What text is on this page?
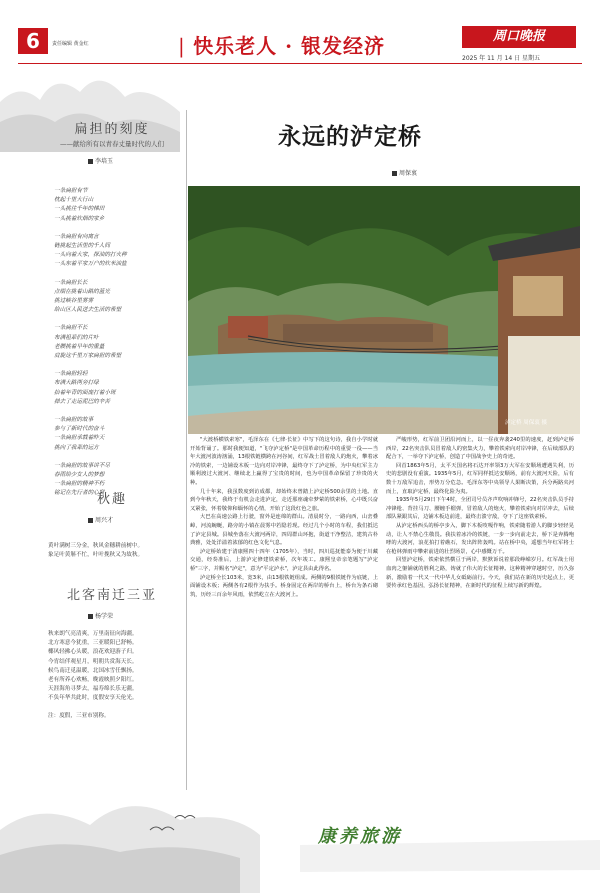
6	责任编辑 黄金红	| 快乐老人 · 银发经济	周口晚报
2025 年 11 月 14 日 星期五
扁担的刻度
——献给所有以青春丈量时代的人们
李培玉
一条扁担有节
枕起十里大行山
一头挑往千年的梯田
一头挑着炊烟的家乡
一条扁担有向寓言
链挑起生活里的千人间
一头向着大家，探油的打火种
一头东着平家万户的炊米油盐
一条扁担长长
点缀在挑着山路的蓝光
挑过峡谷里雾雾
给山区人民送去生活的希望
一条扁担不长
布满祖辈们的片叶
老腰挑着早年的重量
肩旋这千里万家扁担的希望
一条扁担轻轻
布满大路两旁打绿
抬着年青的面庞打着小斑
掸去了走运泥巴的辛苦
一条扁担的故事
参与了新时代的奋斗
一条扁担承载着昨天
挑向了我辈的远方
一条扁担的故事讲不尽
春雨给少女人的梦想
一条扁担的精神不朽
铭记在先行者的心窝
秋趣
周兴才
黄叶满树三分金，秋风金穗耕前树中。
象足叶黄斛不忙，叶叶挽秋又为故秋。
北客南迁三亚
杨学荣
秋来朗气亮清爽，万里南征向海疆。
北方寒意今犹重，三亚暖阳已舒畅。
椰风轻拂心头暖，浪花欢迎游子归。
今宵结伴观星月，明朝共赏海天长。
候鸟南迁觅温暖，北国冰雪任飘扬。
老有所养心欢畅，晚霞映照夕阳红。
天涯海角寻梦去，福寿绵长乐无疆。
不负年华共此时，度假安享天伦光。
注：度假，三亚市别称。
永远的泸定桥
周保衷
泸定桥 周保衷 摄

"大渡桥横铁索寒"，毛泽东在《七律·长征》中写下的这句诗，我自小学时就开始背诵了。那时我便知道，"飞夺泸定桥"是中国革命历程中的重要一役——当年大渡河波涛汹涌，13根铁链横跨在河谷间，红军战士冒着敌人的炮火，攀着冰冷的铁索，一边铺设木板一边向对岸冲锋，最终夺下了泸定桥，为中央红军主力顺利渡过大渡河、继续北上赢得了宝贵的时间，也为中国革命保留了珍贵的火种。

几十年来，我虽数度到访成都，却始终未曾踏上泸定桥500余里的土地。直到今年秋天，我终于有机会走进泸定，走近那座魂牵梦萦的铁索桥，心中既兴奋又紧张，怀着敬仰和缅怀的心情，开始了这段红色之旅。

大巴在高速公路上行驶，窗外是连绵的群山。清晨时分，一路向西，山峦叠嶂，河流蜿蜒，路旁的小镇在晨雾中若隐若现。经过几个小时的车程，我们抵达了泸定县城。县城坐落在大渡河两岸，四周群山环抱，街道干净整洁，建筑古朴典雅，处处洋溢着浓郁的红色文化气息。

泸定桥始建于清康熙四十四年（1705年），当时，四川巡抚能泰为便于川藏交通，经奏准后，上游泸定修建铁索桥，次年竣工。康熙皇帝亲笔题写"泸定桥"三字，并赐名"泸定"，意为"平定泸水"，泸定县由此得名。

泸定桥全长103米，宽3米，由13根铁链组成。两侧的9根铁链作为底链，上面铺设木板；两侧各有2根作为扶手。桥身固定在两岸的桥台上，桥台为条石砌筑，历经三百余年风雨，依然屹立在大渡河上。

严峻形势，红军前卫团沿河而上，以一昼夜奔袭240里的速度，赶到泸定桥西岸，22名突击队员冒着敌人的密集火力，攀着铁索向对岸冲锋，在后续部队的配合下，一举夺下泸定桥，创造了中国战争史上的奇迹。

回首1863年5月，太平天国名将石达开率领3万大军在安顺场遭遇失利，历史的悲剧没有重演。1935年5月，红军同样抵达安顺场，前有大渡河天险，后有数十万敌军追击，形势万分危急。毛泽东等中央领导人果断决策，兵分两路夹河而上，直取泸定桥，最终化险为夷。

1935年5月29日下午4时，全团司号员齐声吹响冲锋号，22名突击队员手持冲锋枪、背挂马刀、腰缠手榴弹，冒着敌人的炮火，攀着铁索向对岸冲去，后续部队紧跟其后，边铺木板边前进，最终击溃守敌，夺下了这座铁索桥。

从泸定桥西头的桥亭步入，脚下木板吱嘎作响，铁索随着游人的脚步轻轻晃动，让人不禁心生敬畏。我扶着冰冷的铁链，一步一步向前走去，桥下是奔腾咆哮的大渡河，浪花拍打着礁石，发出阵阵轰鸣。站在桥中央，遥想当年红军将士在枪林弹雨中攀索前进的壮烈场景，心中感慨万千。

回望泸定桥，铁索依然横亘于两岸，默默诉说着那段峥嵘岁月。红军战士用血肉之躯铺就的胜利之路，铸就了伟大的长征精神。这种精神穿越时空，历久弥新，激励着一代又一代中华儿女砥砺前行。今天，我们站在新的历史起点上，更要传承红色基因，弘扬长征精神，在新时代的征程上续写新的辉煌。

康养旅游
